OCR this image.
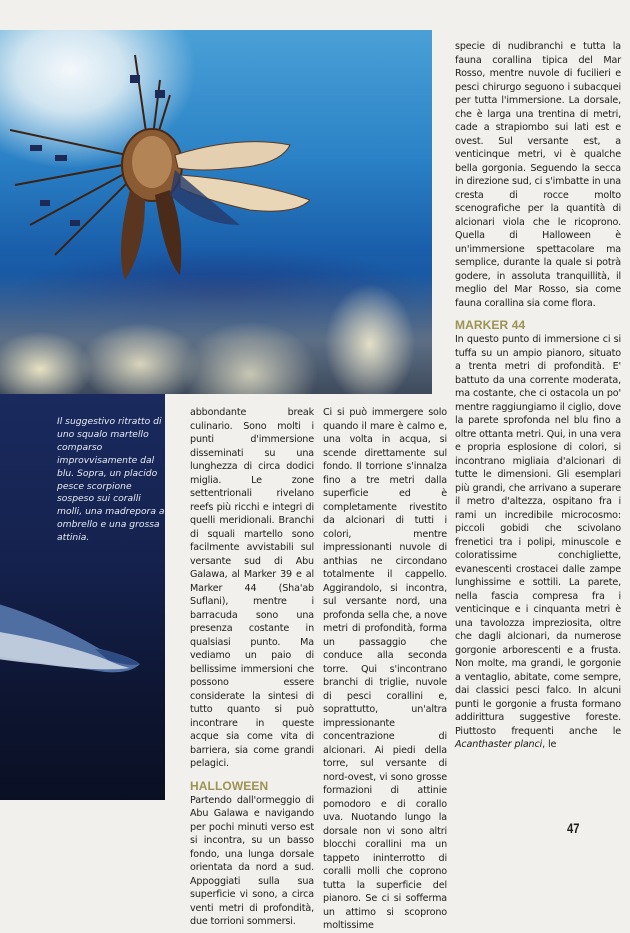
Il suggestivo ritratto di uno squalo martello comparso improvvisamente dal blu. Sopra, un placido pesce scorpione sospeso sui coralli molli, una madrepora a ombrello e una grossa attinia.

abbondante break culinario. Sono molti i punti d'immersione disseminati su una lunghezza di circa dodici miglia. Le zone settentrionali rivelano reefs più ricchi e integri di quelli meridionali. Branchi di squali martello sono facilmente avvistabili sul versante sud di Abu Galawa, al Marker 39 e al Marker 44 (Sha'ab Suflani), mentre i barracuda sono una presenza costante in qualsiasi punto. Ma vediamo un paio di bellissime immersioni che possono essere considerate la sintesi di tutto quanto si può incontrare in queste acque sia come vita di barriera, sia come grandi pelagici.

HALLOWEEN

Partendo dall'ormeggio di Abu Galawa e navigando per pochi minuti verso est si incontra, su un basso fondo, una lunga dorsale orientata da nord a sud. Appoggiati sulla sua superficie vi sono, a circa venti metri di profondità, due torrioni sommersi.

Ci si può immergere solo quando il mare è calmo e, una volta in acqua, si scende direttamente sul fondo. Il torrione s'innalza fino a tre metri dalla superficie ed è completamente rivestito da alcionari di tutti i colori, mentre impressionanti nuvole di anthias ne circondano totalmente il cappello. Aggirandolo, si incontra, sul versante nord, una profonda sella che, a nove metri di profondità, forma un passaggio che conduce alla seconda torre. Qui s'incontrano branchi di triglie, nuvole di pesci corallini e, soprattutto, un'altra impressionante concentrazione di alcionari. Ai piedi della torre, sul versante di nord-ovest, vi sono grosse formazioni di attinie pomodoro e di corallo uva. Nuotando lungo la dorsale non vi sono altri blocchi corallini ma un tappeto ininterrotto di coralli molli che coprono tutta la superficie del pianoro. Se ci si sofferma un attimo si scoprono moltissime

specie di nudibranchi e tutta la fauna corallina tipica del Mar Rosso, mentre nuvole di fucilieri e pesci chirurgo seguono i subacquei per tutta l'immersione. La dorsale, che è larga una trentina di metri, cade a strapiombo sui lati est e ovest. Sul versante est, a venticinque metri, vi è qualche bella gorgonia. Seguendo la secca in direzione sud, ci s'imbatte in una cresta di rocce molto scenografiche per la quantità di alcionari viola che le ricoprono. Quella di Halloween è un'immersione spettacolare ma semplice, durante la quale si potrà godere, in assoluta tranquillità, il meglio del Mar Rosso, sia come fauna corallina sia come flora.

MARKER 44

In questo punto di immersione ci si tuffa su un ampio pianoro, situato a trenta metri di profondità. E' battuto da una corrente moderata, ma costante, che ci ostacola un po' mentre raggiungiamo il ciglio, dove la parete sprofonda nel blu fino a oltre ottanta metri. Qui, in una vera e propria esplosione di colori, si incontrano migliaia d'alcionari di tutte le dimensioni. Gli esemplari più grandi, che arrivano a superare il metro d'altezza, ospitano fra i rami un incredibile microcosmo: piccoli gobidi che scivolano freneticі tra i polipi, minuscole e coloratissime conchigliette, evanescenti crostacei dalle zampe lunghissime e sottili. La parete, nella fascia compresa fra i venticinque e i cinquanta metri è una tavolozza impreziosita, oltre che dagli alcionari, da numerose gorgonie arborescenti e a frusta. Non molte, ma grandi, le gorgonie a ventaglio, abitate, come sempre, dai classici pesci falco. In alcuni punti le gorgonie a frusta formano addirittura suggestive foreste. Piuttosto frequenti anche le Acanthaster planci, le

47
